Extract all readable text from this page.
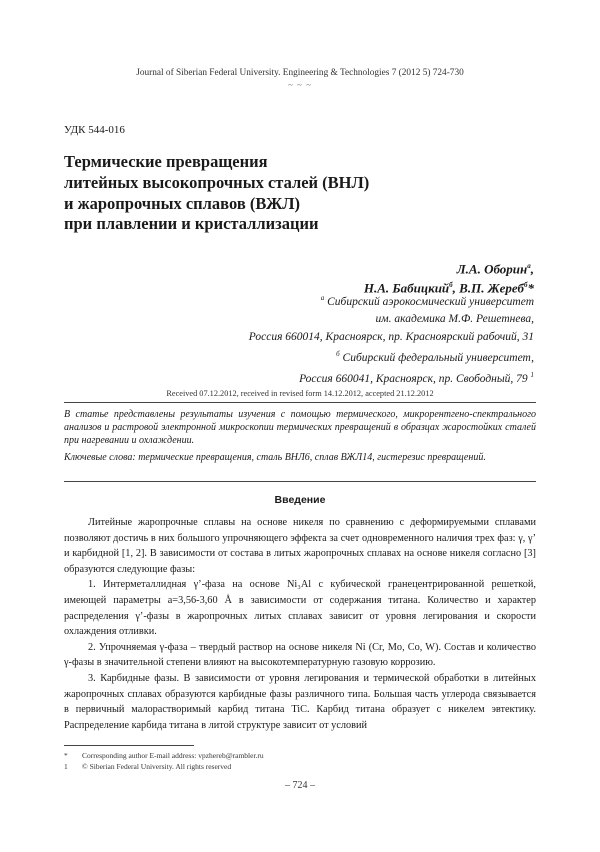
Journal of Siberian Federal University. Engineering & Technologies 7 (2012 5) 724-730
~ ~ ~
УДК 544-016
Термические превращения
литейных высокопрочных сталей (ВНЛ)
и жаропрочных сплавов (ВЖЛ)
при плавлении и кристаллизации
Л.А. Оборин$^а$,
Н.А. Бабицкий$^б$, В.П. Жереб$^б$*
$^а$ Сибирский аэрокосмический университет
им. академика М.Ф. Решетнева,
Россия 660014, Красноярск, пр. Красноярский рабочий, 31
$^б$ Сибирский федеральный университет,
Россия 660041, Красноярск, пр. Свободный, 79 $^1$
Received 07.12.2012, received in revised form 14.12.2012, accepted 21.12.2012
В статье представлены результаты изучения с помощью термического, микрорентгено-спектрального анализов и растровой электронной микроскопии термических превращений в образцах жаростойких сталей при нагревании и охлаждении.
Ключевые слова: термические превращения, сталь ВНЛ6, сплав ВЖЛ14, гистерезис превращений.
Введение

Литейные жаропрочные сплавы на основе никеля по сравнению с деформируемыми сплавами позволяют достичь в них большого упрочняющего эффекта за счет одновременного наличия трех фаз: γ, γ’ и карбидной [1, 2]. В зависимости от состава в литых жаропрочных сплавах на основе никеля согласно [3] образуются следующие фазы:

1. Интерметаллидная γ’-фаза на основе Ni₃Al с кубической гранецентрированной решеткой, имеющей параметры a=3,56-3,60 Å в зависимости от содержания титана. Количество и характер распределения γ’-фазы в жаропрочных литых сплавах зависит от уровня легирования и скорости охлаждения отливки.

2. Упрочняемая γ-фаза – твердый раствор на основе никеля Ni (Cr, Mo, Co, W). Состав и количество γ-фазы в значительной степени влияют на высокотемпературную газовую коррозию.

3. Карбидные фазы. В зависимости от уровня легирования и термической обработки в литейных жаропрочных сплавах образуются карбидные фазы различного типа. Большая часть углерода связывается в первичный малорастворимый карбид титана TiC. Карбид титана образует с никелем эвтектику. Распределение карбида титана в литой структуре зависит от условий

* Corresponding author E-mail address: vpzhereb@rambler.ru
1 © Siberian Federal University. All rights reserved
– 724 –
